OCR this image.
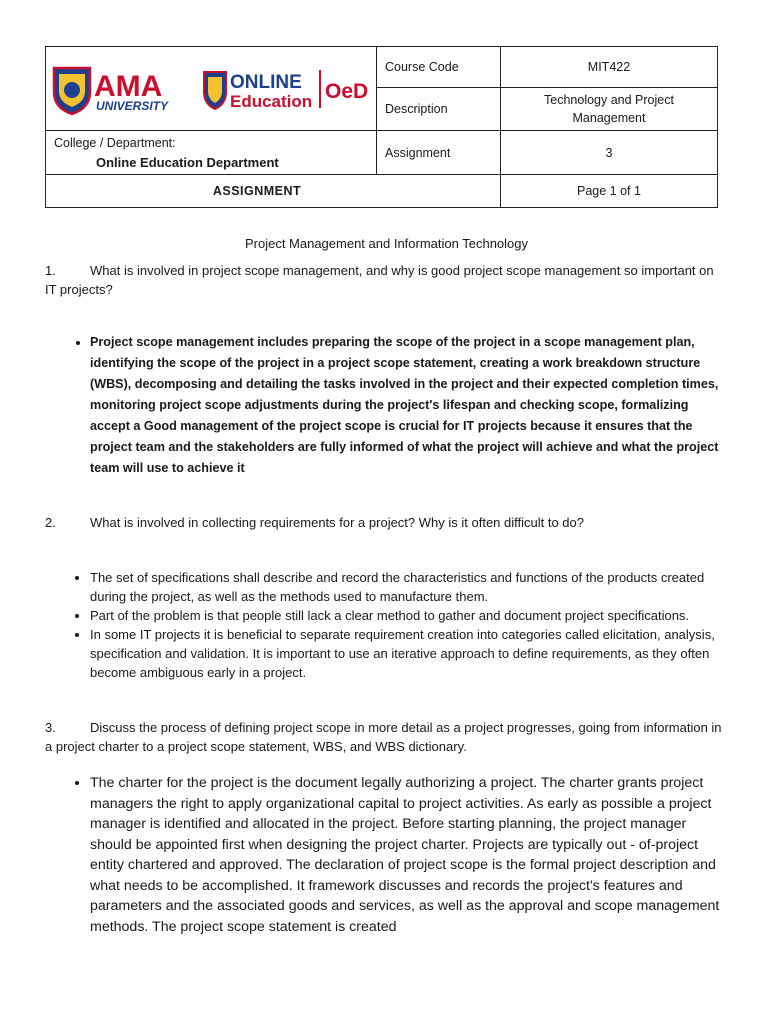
AMA
UNIVERSITY
ONLINE
Education OeD	Course Code	MIT422
	Description	Technology and Project Management
College / Department:
Online Education Department	Assignment	3
ASSIGNMENT		Page 1 of 1

Project Management and Information Technology

1.	What is involved in project scope management, and why is good project scope management so important on IT projects?

• Project scope management includes preparing the scope of the project in a scope management plan, identifying the scope of the project in a project scope statement, creating a work breakdown structure (WBS), decomposing and detailing the tasks involved in the project and their expected completion times, monitoring project scope adjustments during the project's lifespan and checking scope, formalizing accept a Good management of the project scope is crucial for IT projects because it ensures that the project team and the stakeholders are fully informed of what the project will achieve and what the project team will use to achieve it

2.	What is involved in collecting requirements for a project? Why is it often difficult to do?

• The set of specifications shall describe and record the characteristics and functions of the products created during the project, as well as the methods used to manufacture them.
• Part of the problem is that people still lack a clear method to gather and document project specifications.
• In some IT projects it is beneficial to separate requirement creation into categories called elicitation, analysis, specification and validation. It is important to use an iterative approach to define requirements, as they often become ambiguous early in a project.

3.	Discuss the process of defining project scope in more detail as a project progresses, going from information in a project charter to a project scope statement, WBS, and WBS dictionary.

• The charter for the project is the document legally authorizing a project. The charter grants project managers the right to apply organizational capital to project activities. As early as possible a project manager is identified and allocated in the project. Before starting planning, the project manager should be appointed first when designing the project charter. Projects are typically out - of-project entity chartered and approved. The declaration of project scope is the formal project description and what needs to be accomplished. It framework discusses and records the project's features and parameters and the associated goods and services, as well as the approval and scope management methods. The project scope statement is created
